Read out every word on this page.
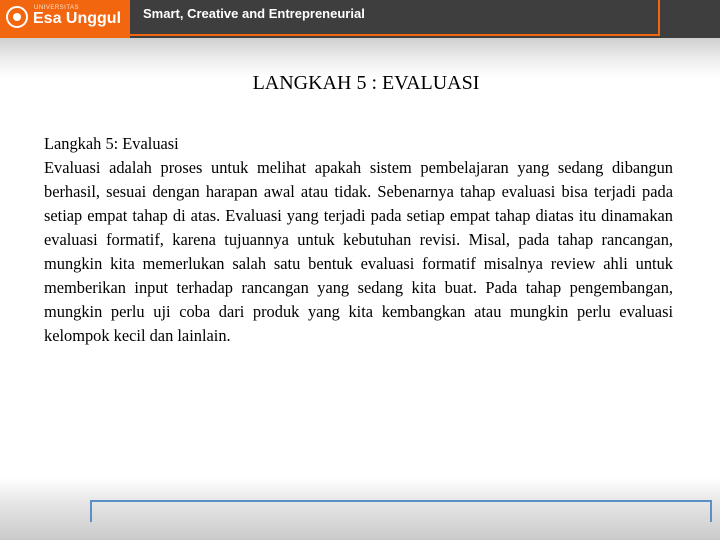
UNIVERSITAS
Esa Unggul Smart, Creative and Entrepreneurial
LANGKAH 5 : EVALUASI

Langkah 5: Evaluasi

Evaluasi adalah proses untuk melihat apakah sistem pembelajaran yang sedang dibangun berhasil, sesuai dengan harapan awal atau tidak. Sebenarnya tahap evaluasi bisa terjadi pada setiap empat tahap di atas. Evaluasi yang terjadi pada setiap empat tahap diatas itu dinamakan evaluasi formatif, karena tujuannya untuk kebutuhan revisi. Misal, pada tahap rancangan, mungkin kita memerlukan salah satu bentuk evaluasi formatif misalnya review ahli untuk memberikan input terhadap rancangan yang sedang kita buat. Pada tahap pengembangan, mungkin perlu uji coba dari produk yang kita kembangkan atau mungkin perlu evaluasi kelompok kecil dan lainlain.
